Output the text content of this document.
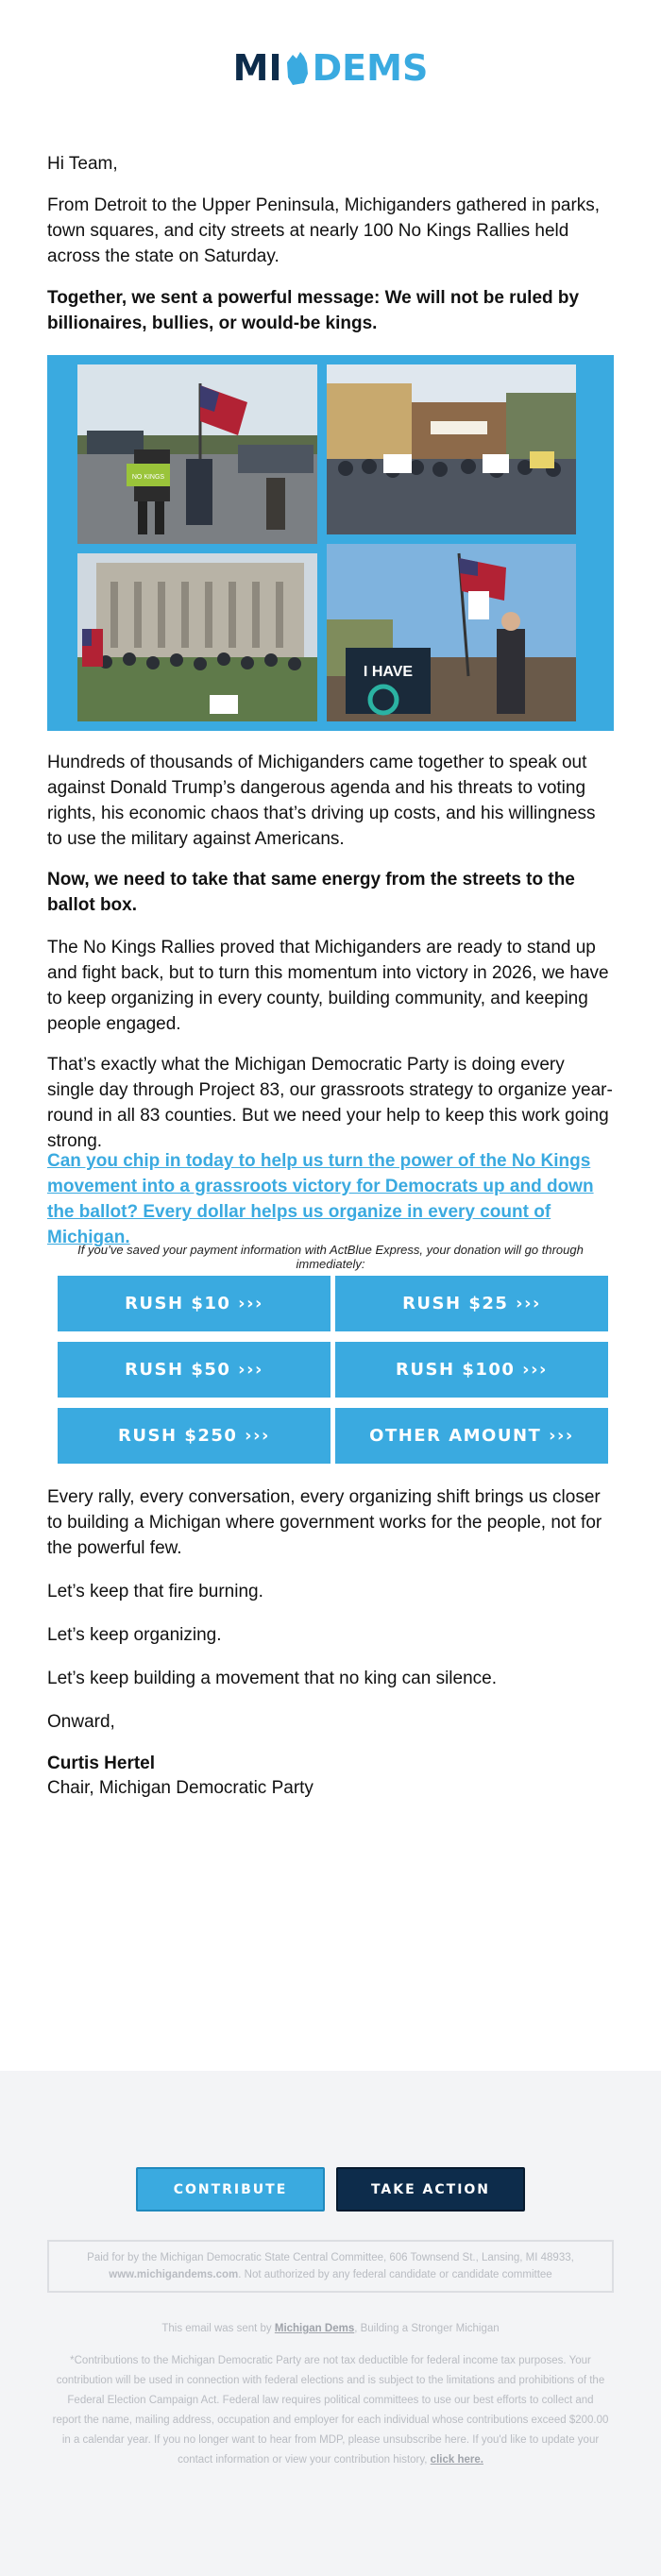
MI DEMS
Hi Team,
From Detroit to the Upper Peninsula, Michiganders gathered in parks, town squares, and city streets at nearly 100 No Kings Rallies held across the state on Saturday.
Together, we sent a powerful message: We will not be ruled by billionaires, bullies, or would-be kings.
NO KINGS
I HAVE
Hundreds of thousands of Michiganders came together to speak out against Donald Trump’s dangerous agenda and his threats to voting rights, his economic chaos that’s driving up costs, and his willingness to use the military against Americans.
Now, we need to take that same energy from the streets to the ballot box.
The No Kings Rallies proved that Michiganders are ready to stand up and fight back, but to turn this momentum into victory in 2026, we have to keep organizing in every county, building community, and keeping people engaged.
That’s exactly what the Michigan Democratic Party is doing every single day through Project 83, our grassroots strategy to organize year-round in all 83 counties. But we need your help to keep this work going strong.
Can you chip in today to help us turn the power of the No Kings movement into a grassroots victory for Democrats up and down the ballot? Every dollar helps us organize in every count of Michigan.
If you’ve saved your payment information with ActBlue Express, your donation will go through immediately:
RUSH $10 ›››	RUSH $25 ›››
RUSH $50 ›››	RUSH $100 ›››
RUSH $250 ›››	OTHER AMOUNT ›››
Every rally, every conversation, every organizing shift brings us closer to building a Michigan where government works for the people, not for the powerful few.
Let’s keep that fire burning.
Let’s keep organizing.
Let’s keep building a movement that no king can silence.
Onward,
Curtis Hertel
Chair, Michigan Democratic Party
CONTRIBUTE	TAKE ACTION
Paid for by the Michigan Democratic State Central Committee, 606 Townsend St., Lansing, MI 48933,
www.michigandems.com. Not authorized by any federal candidate or candidate committee
This email was sent by Michigan Dems, Building a Stronger Michigan
*Contributions to the Michigan Democratic Party are not tax deductible for federal income tax purposes. Your contribution will be used in connection with federal elections and is subject to the limitations and prohibitions of the Federal Election Campaign Act. Federal law requires political committees to use our best efforts to collect and report the name, mailing address, occupation and employer for each individual whose contributions exceed $200.00 in a calendar year. If you no longer want to hear from MDP, please unsubscribe here. If you'd like to update your contact information or view your contribution history, click here.
